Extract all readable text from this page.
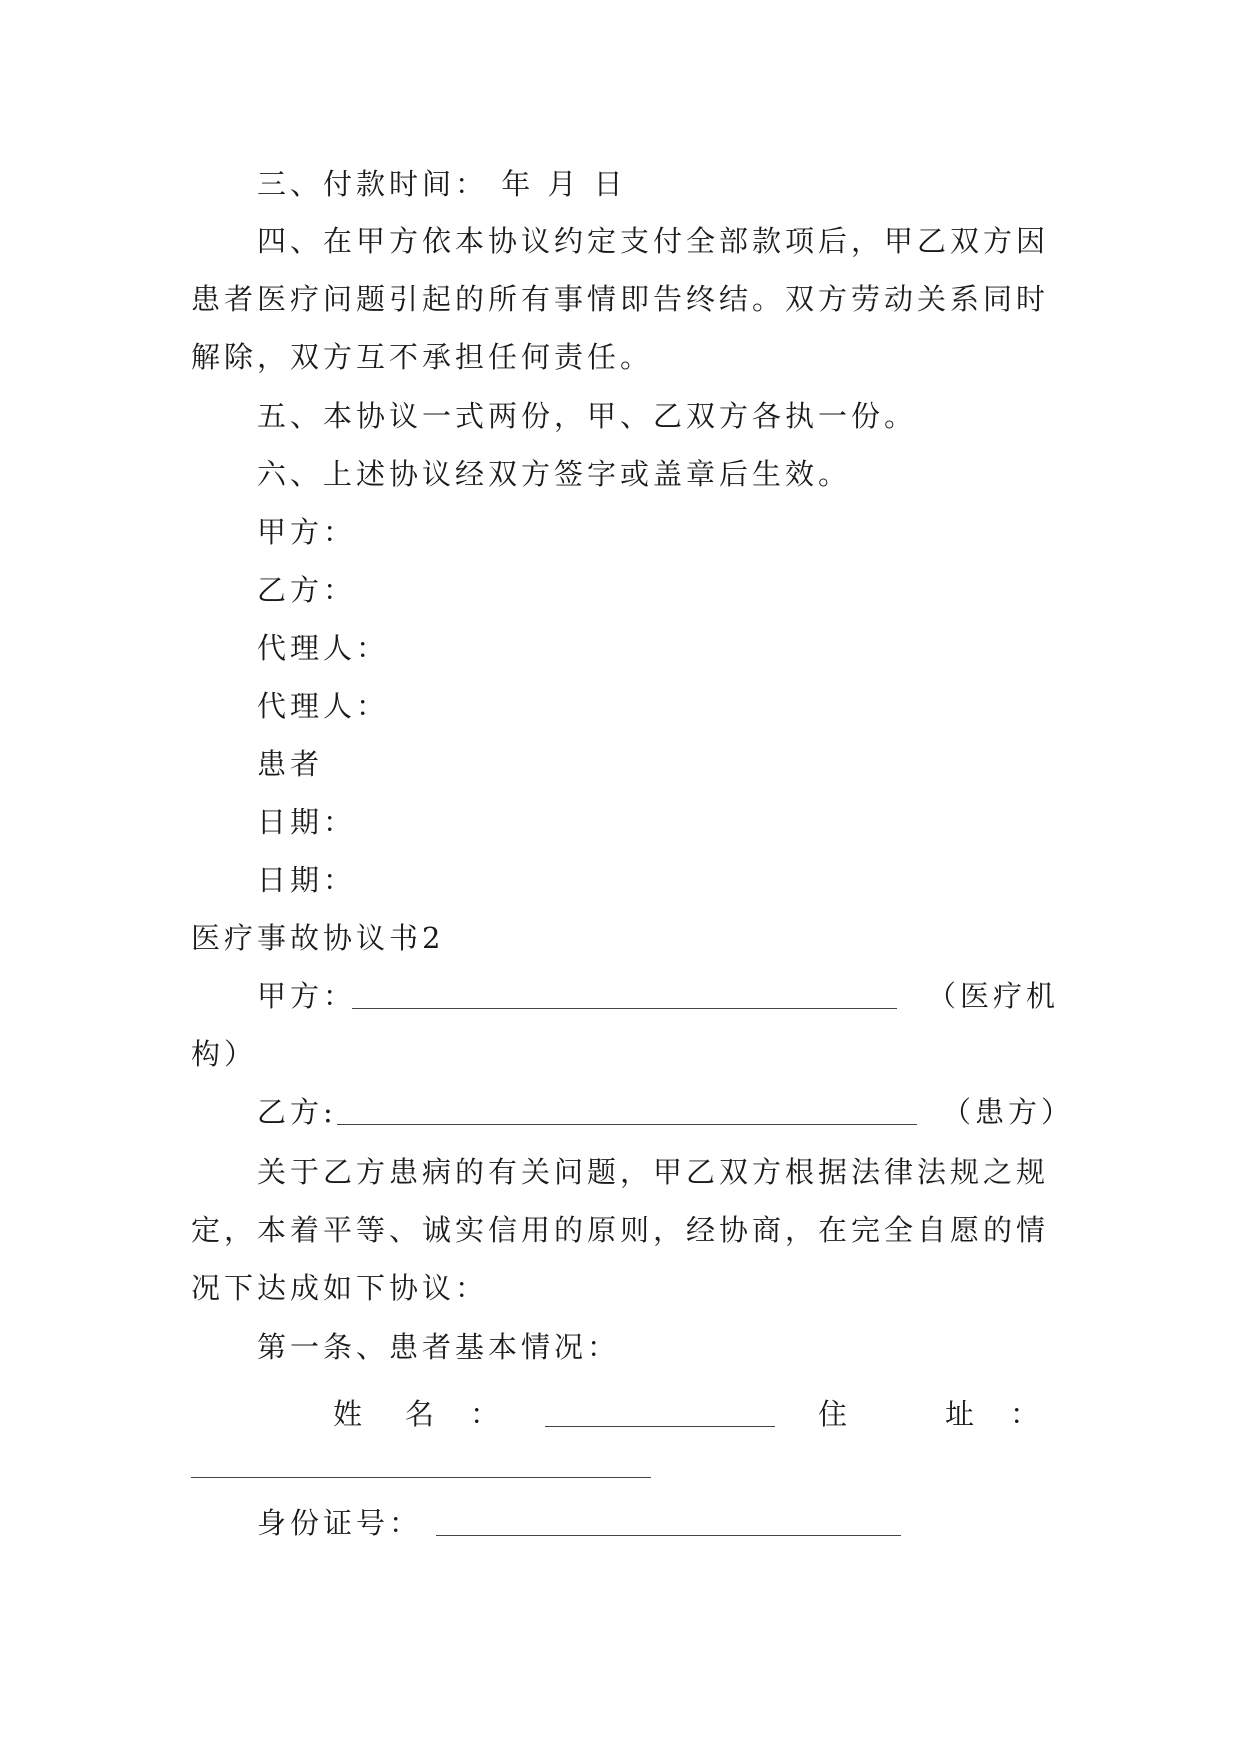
三、付款时间： 年 月 日
四、在甲方依本协议约定支付全部款项后，甲乙双方因患者医疗问题引起的所有事情即告终结。双方劳动关系同时解除，双方互不承担任何责任。
五、本协议一式两份，甲、乙双方各执一份。
六、上述协议经双方签字或盖章后生效。
甲方：
乙方：
代理人：
代理人：
患者
日期：
日期：
医疗事故协议书2
甲方：	（医疗机
构）
乙方:	（患方）
关于乙方患病的有关问题，甲乙双方根据法律法规之规定，本着平等、诚实信用的原则，经协商，在完全自愿的情况下达成如下协议：
第一条、患者基本情况：
姓 名 ：	住	址 ：
身份证号：
